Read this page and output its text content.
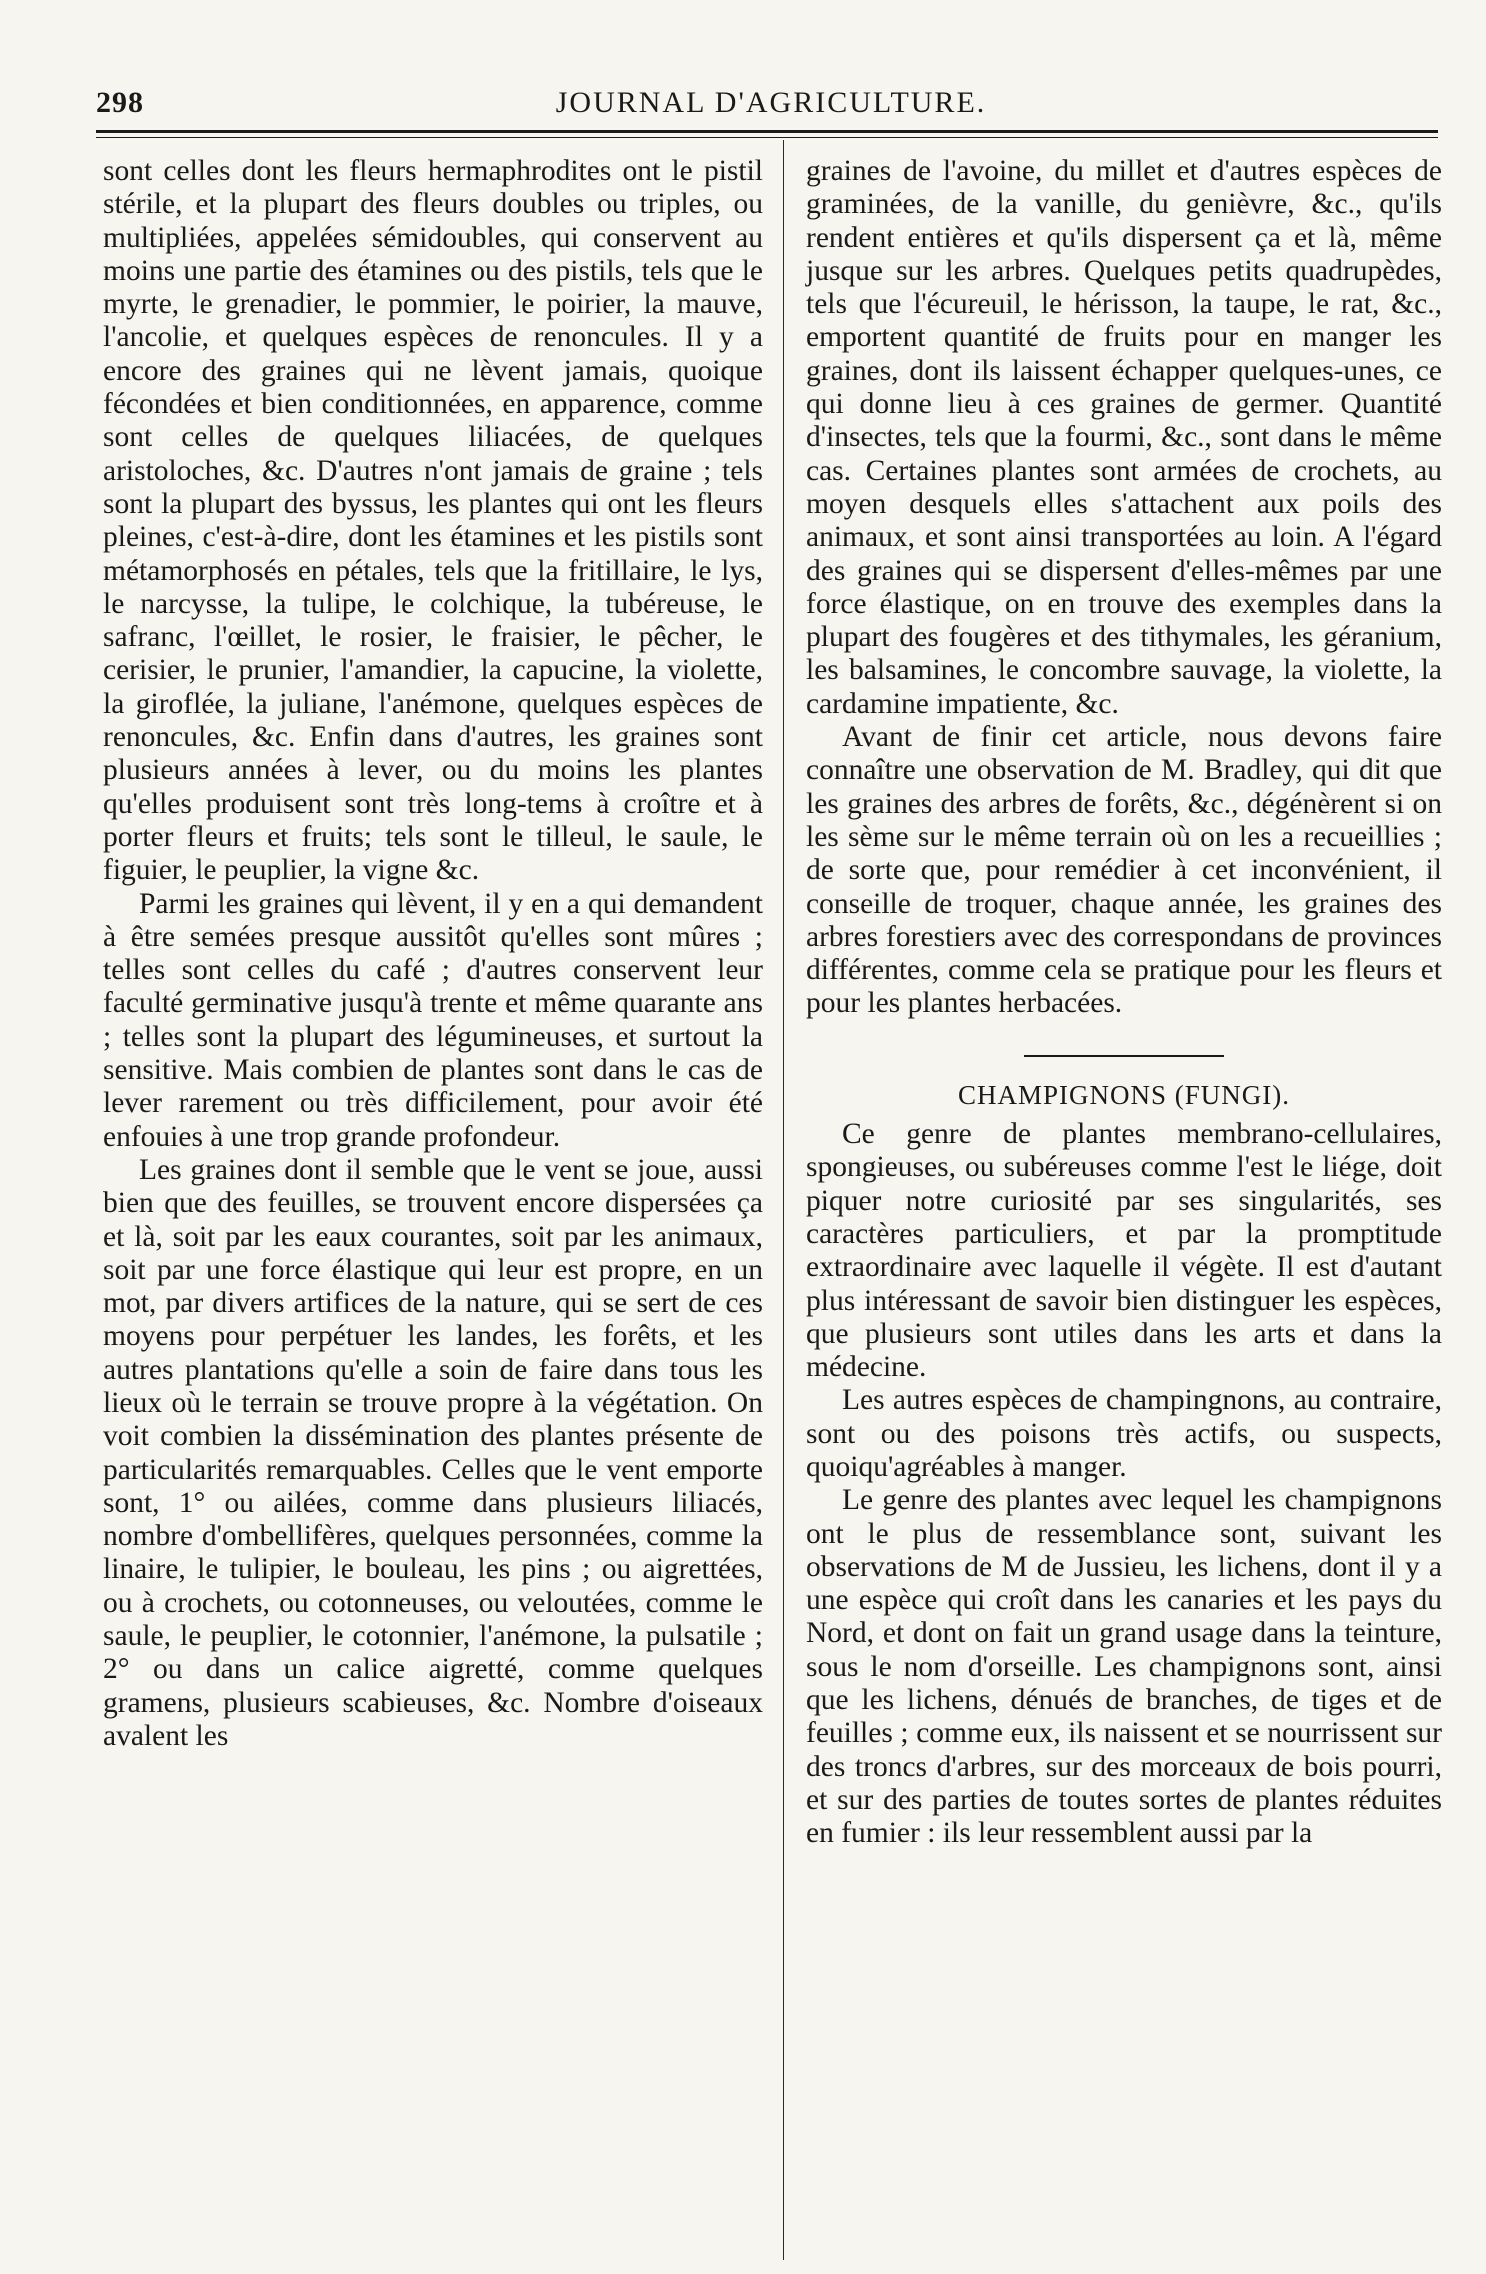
298	JOURNAL D'AGRICULTURE.

sont celles dont les fleurs hermaphrodites ont le pistil stérile, et la plupart des fleurs doubles ou triples, ou multipliées, appelées sémidoubles, qui conservent au moins une partie des étamines ou des pistils, tels que le myrte, le grenadier, le pommier, le poirier, la mauve, l'ancolie, et quelques espèces de renoncules. Il y a encore des graines qui ne lèvent jamais, quoique fécondées et bien conditionnées, en apparence, comme sont celles de quelques liliacées, de quelques aristoloches, &c. D'autres n'ont jamais de graine ; tels sont la plupart des byssus, les plantes qui ont les fleurs pleines, c'est-à-dire, dont les étamines et les pistils sont métamorphosés en pétales, tels que la fritillaire, le lys, le narcysse, la tulipe, le colchique, la tubéreuse, le safranc, l'œillet, le rosier, le fraisier, le pêcher, le cerisier, le prunier, l'amandier, la capucine, la violette, la giroflée, la juliane, l'anémone, quelques espèces de renoncules, &c. Enfin dans d'autres, les graines sont plusieurs années à lever, ou du moins les plantes qu'elles produisent sont très long-tems à croître et à porter fleurs et fruits; tels sont le tilleul, le saule, le figuier, le peuplier, la vigne &c.

Parmi les graines qui lèvent, il y en a qui demandent à être semées presque aussitôt qu'elles sont mûres ; telles sont celles du café ; d'autres conservent leur faculté germinative jusqu'à trente et même quarante ans ; telles sont la plupart des légumineuses, et surtout la sensitive. Mais combien de plantes sont dans le cas de lever rarement ou très difficilement, pour avoir été enfouies à une trop grande profondeur.

Les graines dont il semble que le vent se joue, aussi bien que des feuilles, se trouvent encore dispersées ça et là, soit par les eaux courantes, soit par les animaux, soit par une force élastique qui leur est propre, en un mot, par divers artifices de la nature, qui se sert de ces moyens pour perpétuer les landes, les forêts, et les autres plantations qu'elle a soin de faire dans tous les lieux où le terrain se trouve propre à la végétation. On voit combien la dissémination des plantes présente de particularités remarquables. Celles que le vent emporte sont, 1° ou ailées, comme dans plusieurs liliacés, nombre d'ombellifères, quelques personnées, comme la linaire, le tulipier, le bouleau, les pins ; ou aigrettées, ou à crochets, ou cotonneuses, ou veloutées, comme le saule, le peuplier, le cotonnier, l'anémone, la pulsatile ; 2° ou dans un calice aigretté, comme quelques gramens, plusieurs scabieuses, &c. Nombre d'oiseaux avalent les

graines de l'avoine, du millet et d'autres espèces de graminées, de la vanille, du genièvre, &c., qu'ils rendent entières et qu'ils dispersent ça et là, même jusque sur les arbres. Quelques petits quadrupèdes, tels que l'écureuil, le hérisson, la taupe, le rat, &c., emportent quantité de fruits pour en manger les graines, dont ils laissent échapper quelques-unes, ce qui donne lieu à ces graines de germer. Quantité d'insectes, tels que la fourmi, &c., sont dans le même cas. Certaines plantes sont armées de crochets, au moyen desquels elles s'attachent aux poils des animaux, et sont ainsi transportées au loin. A l'égard des graines qui se dispersent d'elles-mêmes par une force élastique, on en trouve des exemples dans la plupart des fougères et des tithymales, les géranium, les balsamines, le concombre sauvage, la violette, la cardamine impatiente, &c.

Avant de finir cet article, nous devons faire connaître une observation de M. Bradley, qui dit que les graines des arbres de forêts, &c., dégénèrent si on les sème sur le même terrain où on les a recueillies ; de sorte que, pour remédier à cet inconvénient, il conseille de troquer, chaque année, les graines des arbres forestiers avec des correspondans de provinces différentes, comme cela se pratique pour les fleurs et pour les plantes herbacées.

CHAMPIGNONS (FUNGI).

Ce genre de plantes membrano-cellulaires, spongieuses, ou subéreuses comme l'est le liége, doit piquer notre curiosité par ses singularités, ses caractères particuliers, et par la promptitude extraordinaire avec laquelle il végète. Il est d'autant plus intéressant de savoir bien distinguer les espèces, que plusieurs sont utiles dans les arts et dans la médecine.

Les autres espèces de champingnons, au contraire, sont ou des poisons très actifs, ou suspects, quoiqu'agréables à manger.

Le genre des plantes avec lequel les champignons ont le plus de ressemblance sont, suivant les observations de M de Jussieu, les lichens, dont il y a une espèce qui croît dans les canaries et les pays du Nord, et dont on fait un grand usage dans la teinture, sous le nom d'orseille. Les champignons sont, ainsi que les lichens, dénués de branches, de tiges et de feuilles ; comme eux, ils naissent et se nourrissent sur des troncs d'arbres, sur des morceaux de bois pourri, et sur des parties de toutes sortes de plantes réduites en fumier : ils leur ressemblent aussi par la
